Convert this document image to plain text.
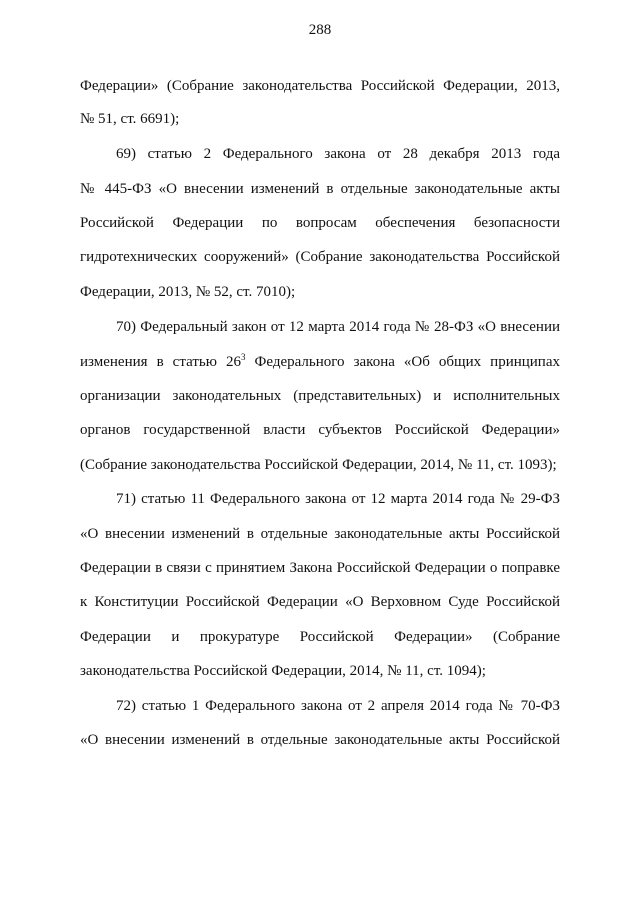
288
Федерации» (Собрание законодательства Российской Федерации, 2013,
№ 51, ст. 6691);
69) статью 2 Федерального закона от 28 декабря 2013 года
№ 445-ФЗ «О внесении изменений в отдельные законодательные акты
Российской Федерации по вопросам обеспечения безопасности
гидротехнических сооружений» (Собрание законодательства Российской
Федерации, 2013, № 52, ст. 7010);
70) Федеральный закон от 12 марта 2014 года № 28-ФЗ «О внесении
изменения в статью $26^3$ Федерального закона «Об общих принципах
организации законодательных (представительных) и исполнительных
органов государственной власти субъектов Российской Федерации»
(Собрание законодательства Российской Федерации, 2014, № 11, ст. 1093);
71) статью 11 Федерального закона от 12 марта 2014 года № 29-ФЗ
«О внесении изменений в отдельные законодательные акты Российской
Федерации в связи с принятием Закона Российской Федерации о поправке
к Конституции Российской Федерации «О Верховном Суде Российской
Федерации и прокуратуре Российской Федерации» (Собрание
законодательства Российской Федерации, 2014, № 11, ст. 1094);
72) статью 1 Федерального закона от 2 апреля 2014 года № 70-ФЗ
«О внесении изменений в отдельные законодательные акты Российской
